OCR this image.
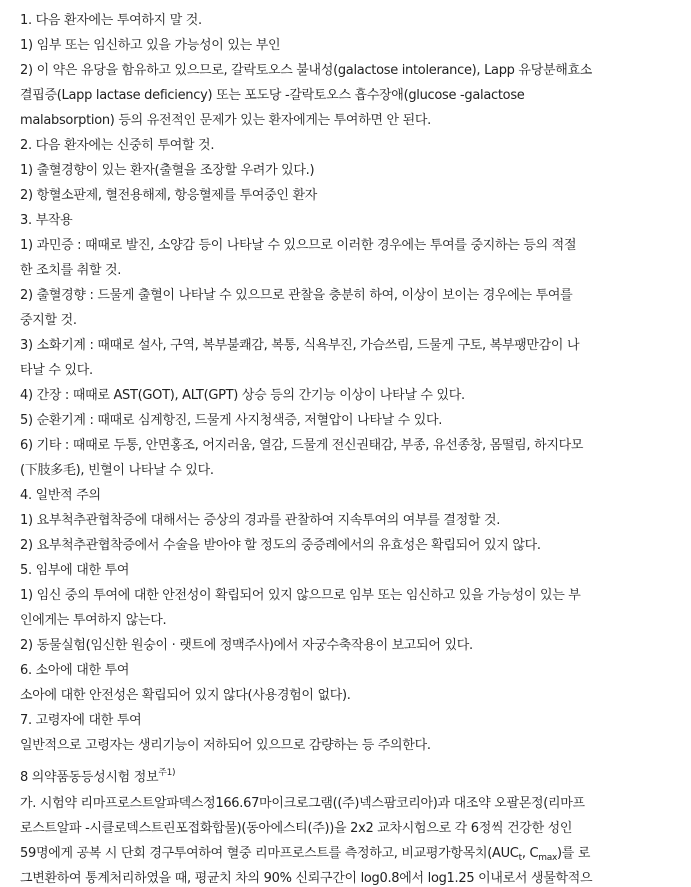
1. 다음 환자에는 투여하지 말 것.
1) 임부 또는 임신하고 있을 가능성이 있는 부인
2) 이 약은 유당을 함유하고 있으므로, 갈락토오스 불내성(galactose intolerance), Lapp 유당분해효소
결핍증(Lapp lactase deficiency) 또는 포도당 -갈락토오스 흡수장애(glucose -galactose
malabsorption) 등의 유전적인 문제가 있는 환자에게는 투여하면 안 된다.
2. 다음 환자에는 신중히 투여할 것.
1) 출혈경향이 있는 환자(출혈을 조장할 우려가 있다.)
2) 항혈소판제, 혈전용해제, 항응혈제를 투여중인 환자
3. 부작용
1) 과민증 : 때때로 발진, 소양감 등이 나타날 수 있으므로 이러한 경우에는 투여를 중지하는 등의 적절
한 조치를 취할 것.
2) 출혈경향 : 드물게 출혈이 나타날 수 있으므로 관찰을 충분히 하여, 이상이 보이는 경우에는 투여를
중지할 것.
3) 소화기계 : 때때로 설사, 구역, 복부불쾌감, 복통, 식욕부진, 가슴쓰림, 드물게 구토, 복부팽만감이 나
타날 수 있다.
4) 간장 : 때때로 AST(GOT), ALT(GPT) 상승 등의 간기능 이상이 나타날 수 있다.
5) 순환기계 : 때때로 심계항진, 드물게 사지청색증, 저혈압이 나타날 수 있다.
6) 기타 : 때때로 두통, 안면홍조, 어지러움, 열감, 드물게 전신권태감, 부종, 유선종창, 몸떨림, 하지다모
(下肢多毛), 빈혈이 나타날 수 있다.
4. 일반적 주의
1) 요부척추관협착증에 대해서는 증상의 경과를 관찰하여 지속투여의 여부를 결정할 것.
2) 요부척추관협착증에서 수술을 받아야 할 정도의 중증례에서의 유효성은 확립되어 있지 않다.
5. 임부에 대한 투여
1) 임신 중의 투여에 대한 안전성이 확립되어 있지 않으므로 임부 또는 임신하고 있을 가능성이 있는 부
인에게는 투여하지 않는다.
2) 동물실험(임신한 원숭이 · 랫트에 정맥주사)에서 자궁수축작용이 보고되어 있다.
6. 소아에 대한 투여
소아에 대한 안전성은 확립되어 있지 않다(사용경험이 없다).
7. 고령자에 대한 투여
일반적으로 고령자는 생리기능이 저하되어 있으므로 감량하는 등 주의한다.
8 의약품동등성시험 정보$^{주1)}$
가. 시험약 리마프로스트알파덱스정166.67마이크로그램((주)넥스팜코리아)과 대조약 오팔몬정(리마프
로스트알파 -시클로덱스트린포접화합물)(동아에스티(주))을 2x2 교차시험으로 각 6정씩 건강한 성인
59명에게 공복 시 단회 경구투여하여 혈중 리마프로스트를 측정하고, 비교평가항목치($AUC_t$, $C_{max}$)를 로
그변환하여 통계처리하였을 때, 평균치 차의 90% 신뢰구간이 log0.8에서 log1.25 이내로서 생물학적으
